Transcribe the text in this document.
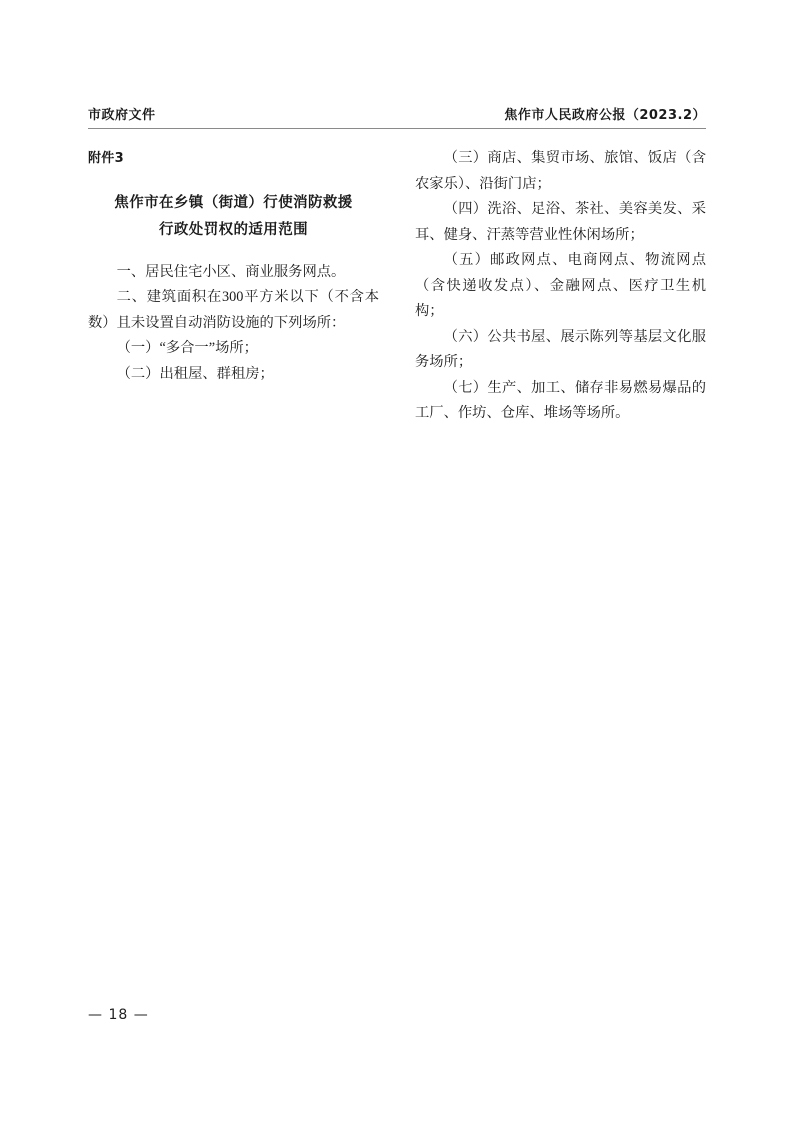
市政府文件	焦作市人民政府公报（2023.2）
附件3
焦作市在乡镇（街道）行使消防救援
行政处罚权的适用范围

一、居民住宅小区、商业服务网点。

二、建筑面积在300平方米以下（不含本数）且未设置自动消防设施的下列场所：

（一）“多合一”场所；

（二）出租屋、群租房；

（三）商店、集贸市场、旅馆、饭店（含农家乐）、沿街门店；

（四）洗浴、足浴、茶社、美容美发、采耳、健身、汗蒸等营业性休闲场所；

（五）邮政网点、电商网点、物流网点（含快递收发点）、金融网点、医疗卫生机构；

（六）公共书屋、展示陈列等基层文化服务场所；

（七）生产、加工、储存非易燃易爆品的工厂、作坊、仓库、堆场等场所。

— 18 —
